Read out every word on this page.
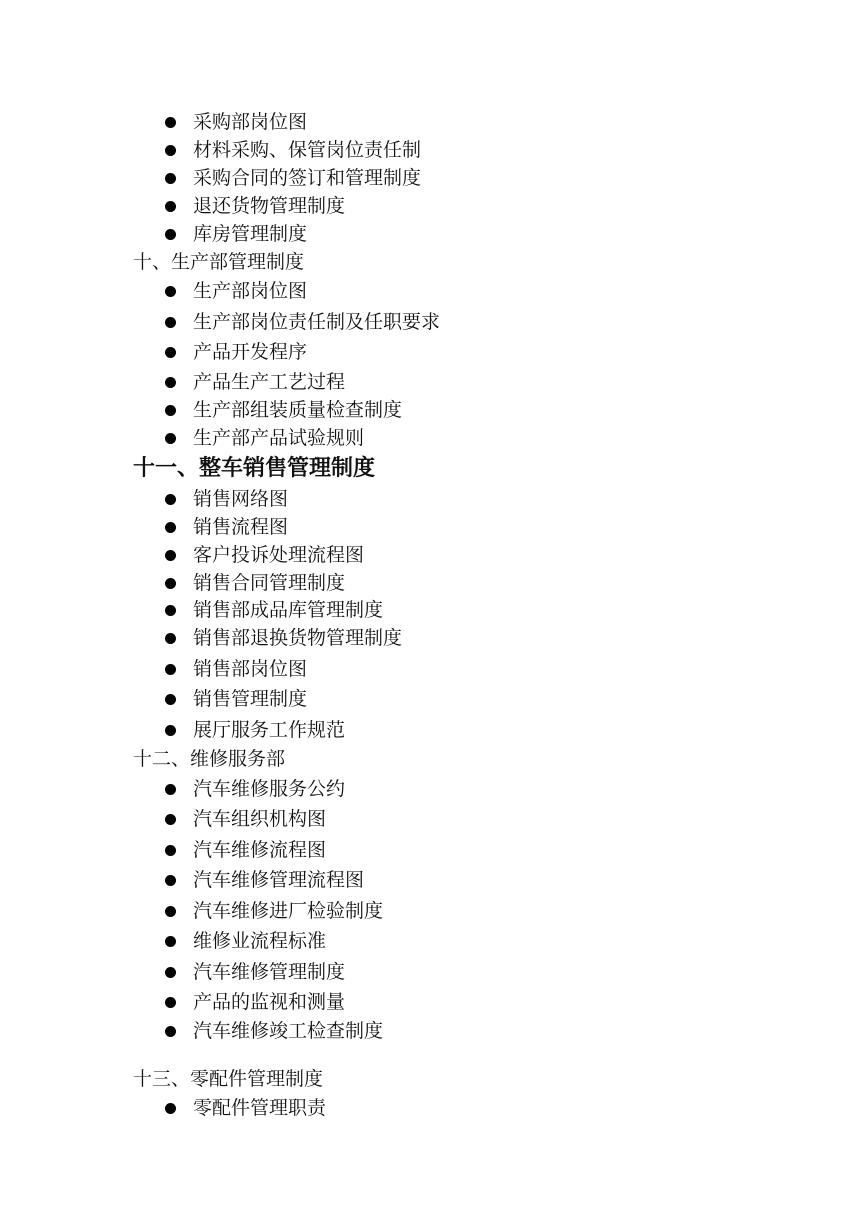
采购部岗位图
材料采购、保管岗位责任制
采购合同的签订和管理制度
退还货物管理制度
库房管理制度
十、生产部管理制度
生产部岗位图
生产部岗位责任制及任职要求
产品开发程序
产品生产工艺过程
生产部组装质量检查制度
生产部产品试验规则
十一、整车销售管理制度
销售网络图
销售流程图
客户投诉处理流程图
销售合同管理制度
销售部成品库管理制度
销售部退换货物管理制度
销售部岗位图
销售管理制度
展厅服务工作规范
十二、维修服务部
汽车维修服务公约
汽车组织机构图
汽车维修流程图
汽车维修管理流程图
汽车维修进厂检验制度
维修业流程标准
汽车维修管理制度
产品的监视和测量
汽车维修竣工检查制度
十三、零配件管理制度
零配件管理职责
